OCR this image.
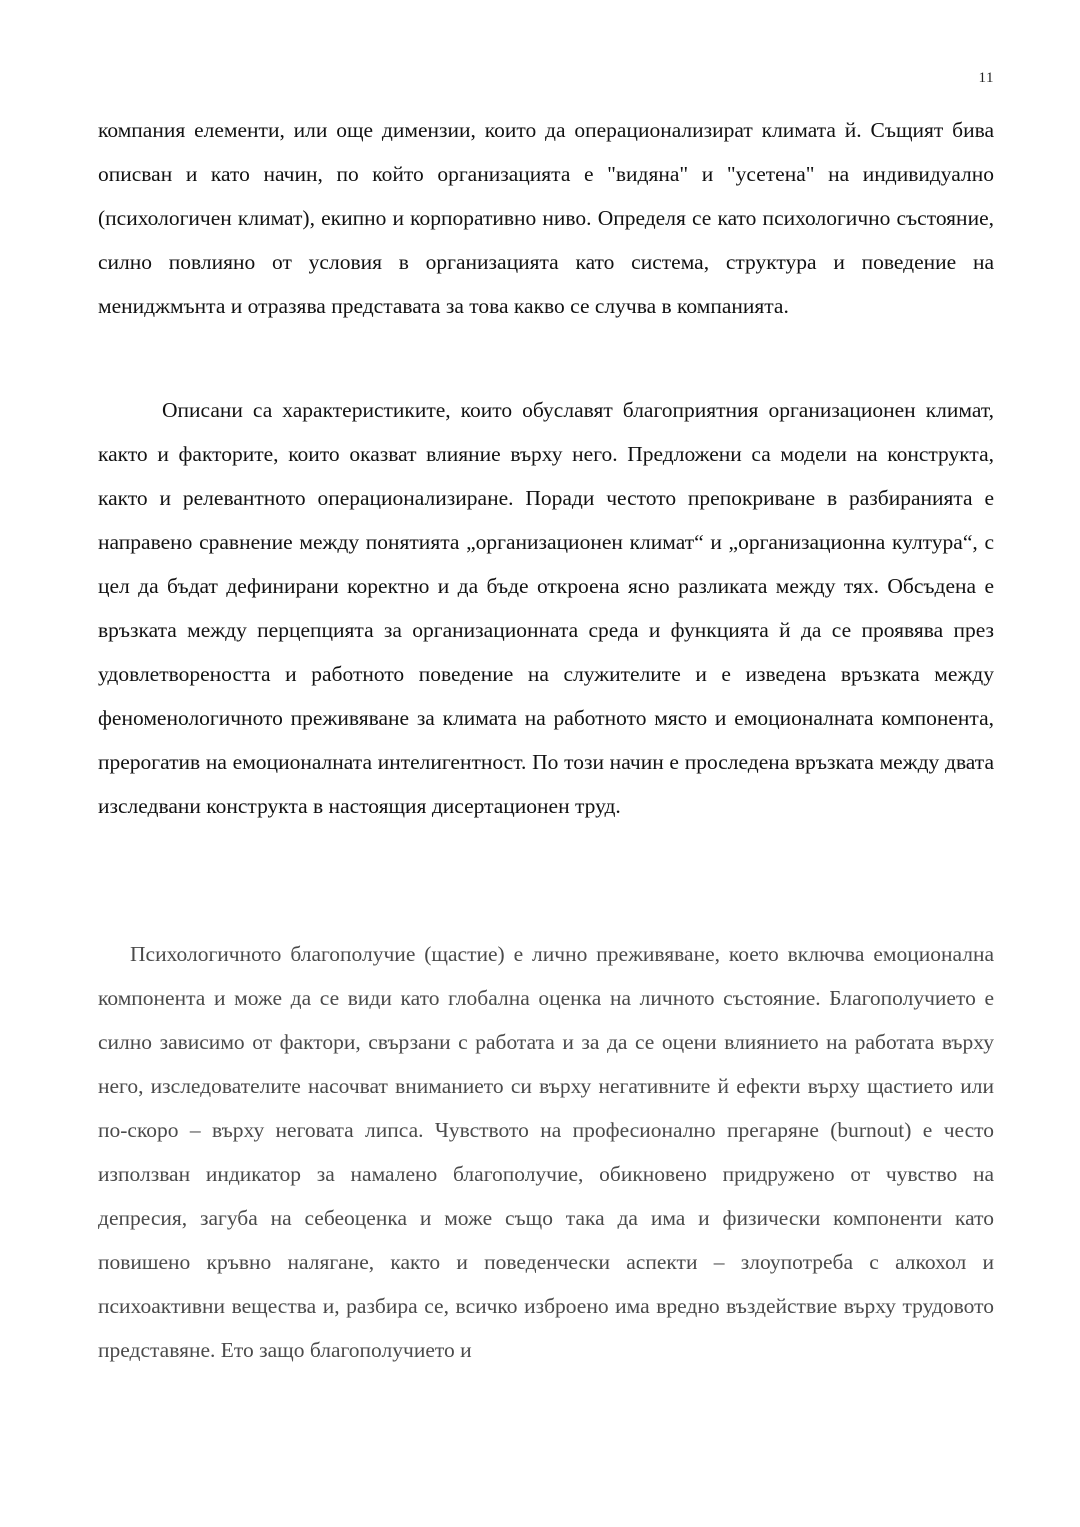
11

компания елементи, или още димензии, които да операционализират климата й. Същият бива описван и като начин, по който организацията е "видяна" и "усетена" на индивидуално (психологичен климат), екипно и корпоративно ниво. Определя се като психологично състояние, силно повлияно от условия в организацията като система, структура и поведение на мениджмънта и отразява представата за това какво се случва в компанията.

Описани са характеристиките, които обуславят благоприятния организационен климат, както и факторите, които оказват влияние върху него. Предложени са модели на конструкта, както и релевантното операционализиране. Поради честото препокриване в разбиранията е направено сравнение между понятията „организационен климат“ и „организационна култура“, с цел да бъдат дефинирани коректно и да бъде откроена ясно разликата между тях. Обсъдена е връзката между перцепцията за организационната среда и функцията й да се проявява през удовлетвореността и работното поведение на служителите и е изведена връзката между феноменологичното преживяване за климата на работното място и емоционалната компонента, прерогатив на емоционалната интелигентност. По този начин е проследена връзката между двата изследвани конструкта в настоящия дисертационен труд.

Психологичното благополучие (щастие) е лично преживяване, което включва емоционална компонента и може да се види като глобална оценка на личното състояние. Благополучието е силно зависимо от фактори, свързани с работата и за да се оцени влиянието на работата върху него, изследователите насочват вниманието си върху негативните й ефекти върху щастието или по-скоро – върху неговата липса. Чувството на професионално прегаряне (burnout) е често използван индикатор за намалено благополучие, обикновено придружено от чувство на депресия, загуба на себеоценка и може също така да има и физически компоненти като повишено кръвно налягане, както и поведенчески аспекти – злоупотреба с алкохол и психоактивни вещества и, разбира се, всичко изброено има вредно въздействие върху трудовото представяне. Ето защо благополучието и
